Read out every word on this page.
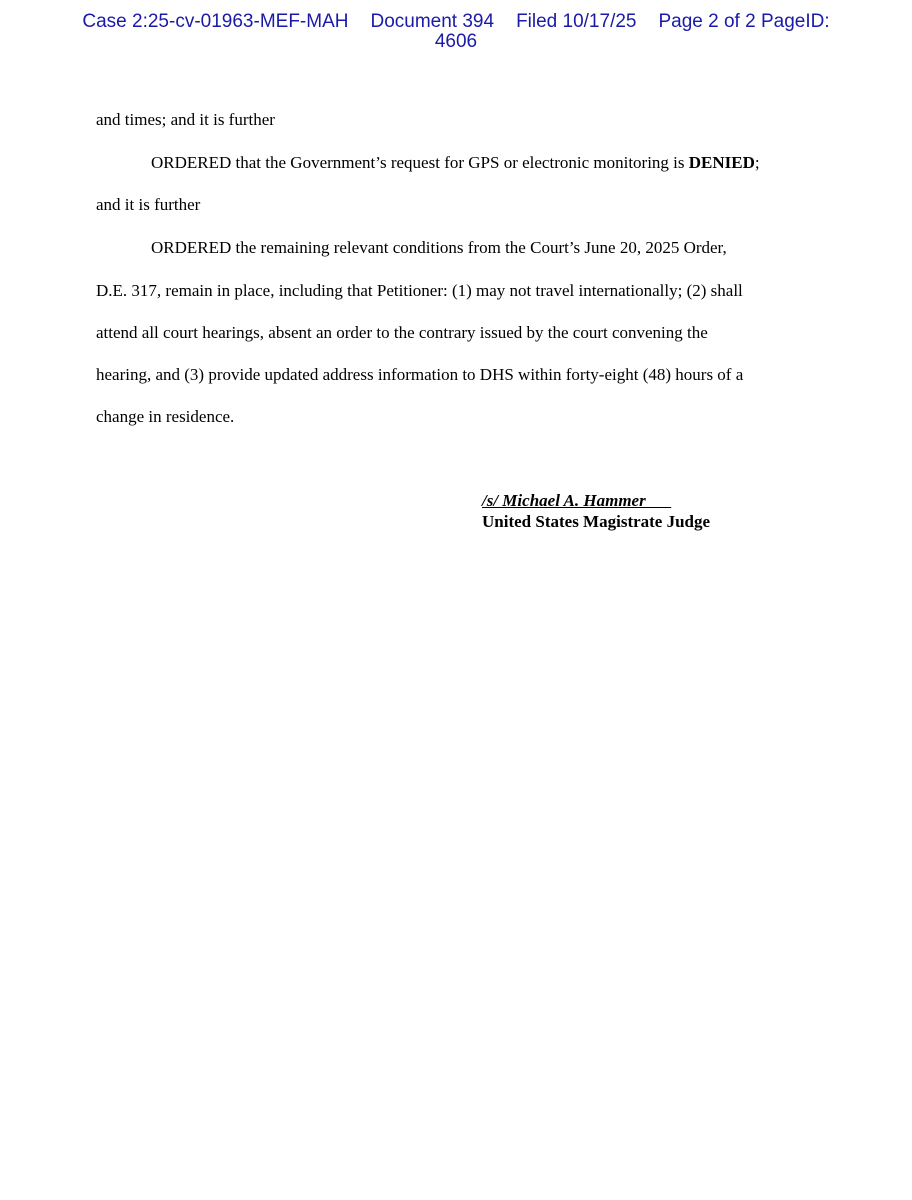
Case 2:25-cv-01963-MEF-MAH Document 394 Filed 10/17/25 Page 2 of 2 PageID:
4606
and times; and it is further
ORDERED that the Government’s request for GPS or electronic monitoring is DENIED;
and it is further
ORDERED the remaining relevant conditions from the Court’s June 20, 2025 Order,
D.E. 317, remain in place, including that Petitioner: (1) may not travel internationally; (2) shall
attend all court hearings, absent an order to the contrary issued by the court convening the
hearing, and (3) provide updated address information to DHS within forty-eight (48) hours of a
change in residence.
/s/ Michael A. Hammer
United States Magistrate Judge
